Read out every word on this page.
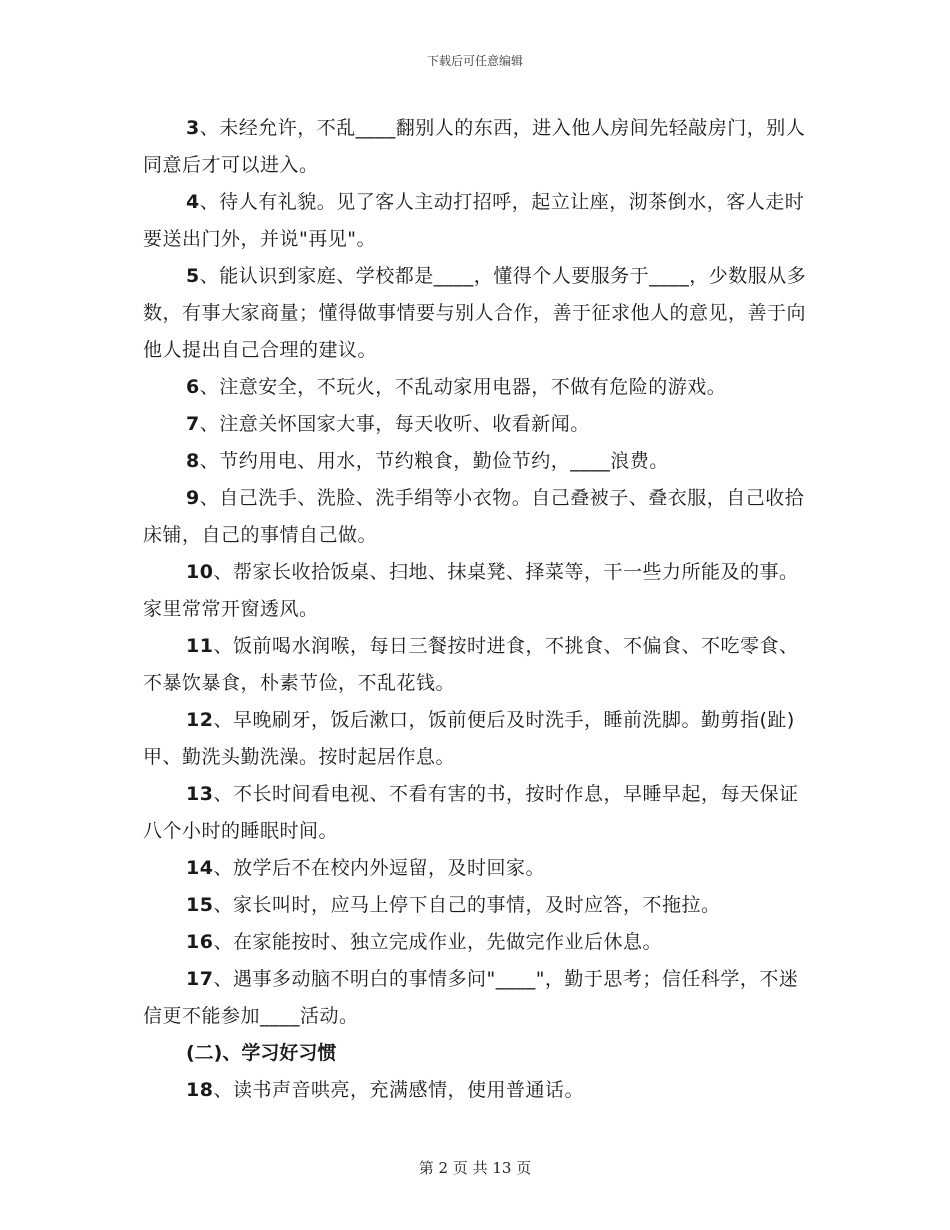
下载后可任意编辑

3、未经允许，不乱____翻别人的东西，进入他人房间先轻敲房门，别人同意后才可以进入。

4、待人有礼貌。见了客人主动打招呼，起立让座，沏茶倒水，客人走时要送出门外，并说"再见"。

5、能认识到家庭、学校都是____，懂得个人要服务于____，少数服从多数，有事大家商量；懂得做事情要与别人合作，善于征求他人的意见，善于向他人提出自己合理的建议。

6、注意安全，不玩火，不乱动家用电器，不做有危险的游戏。

7、注意关怀国家大事，每天收听、收看新闻。

8、节约用电、用水，节约粮食，勤俭节约，____浪费。

9、自己洗手、洗脸、洗手绢等小衣物。自己叠被子、叠衣服，自己收拾床铺，自己的事情自己做。

10、帮家长收拾饭桌、扫地、抹桌凳、择菜等，干一些力所能及的事。家里常常开窗透风。

11、饭前喝水润喉，每日三餐按时进食，不挑食、不偏食、不吃零食、不暴饮暴食，朴素节俭，不乱花钱。

12、早晚刷牙，饭后漱口，饭前便后及时洗手，睡前洗脚。勤剪指(趾)甲、勤洗头勤洗澡。按时起居作息。

13、不长时间看电视、不看有害的书，按时作息，早睡早起，每天保证八个小时的睡眠时间。

14、放学后不在校内外逗留，及时回家。

15、家长叫时，应马上停下自己的事情，及时应答，不拖拉。

16、在家能按时、独立完成作业，先做完作业后休息。

17、遇事多动脑不明白的事情多问"____"，勤于思考；信任科学，不迷信更不能参加____活动。

(二)、学习好习惯

18、读书声音哄亮，充满感情，使用普通话。

第 2 页 共 13 页
